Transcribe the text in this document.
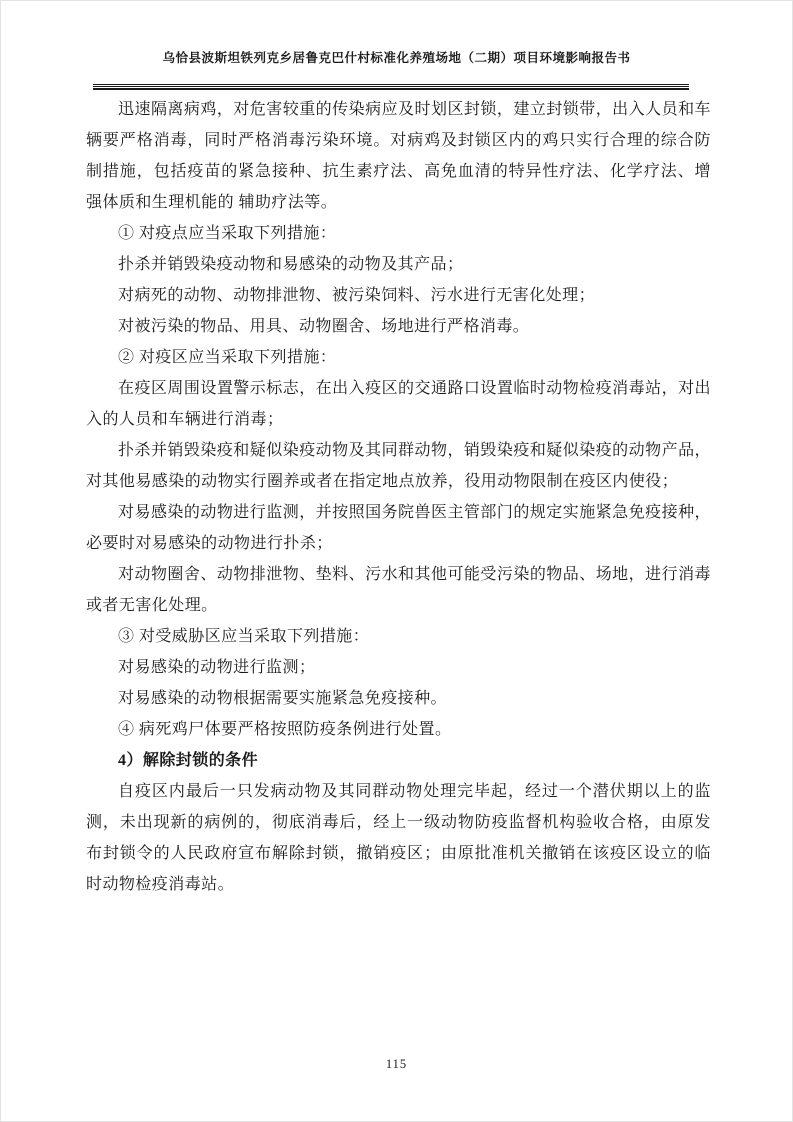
乌恰县波斯坦铁列克乡居鲁克巴什村标准化养殖场地（二期）项目环境影响报告书

迅速隔离病鸡，对危害较重的传染病应及时划区封锁，建立封锁带，出入人员和车辆要严格消毒，同时严格消毒污染环境。对病鸡及封锁区内的鸡只实行合理的综合防制措施，包括疫苗的紧急接种、抗生素疗法、高免血清的特异性疗法、化学疗法、增强体质和生理机能的 辅助疗法等。

① 对疫点应当采取下列措施：

扑杀并销毁染疫动物和易感染的动物及其产品；

对病死的动物、动物排泄物、被污染饲料、污水进行无害化处理；

对被污染的物品、用具、动物圈舍、场地进行严格消毒。

② 对疫区应当采取下列措施：

在疫区周围设置警示标志，在出入疫区的交通路口设置临时动物检疫消毒站，对出入的人员和车辆进行消毒；

扑杀并销毁染疫和疑似染疫动物及其同群动物，销毁染疫和疑似染疫的动物产品，对其他易感染的动物实行圈养或者在指定地点放养，役用动物限制在疫区内使役；

对易感染的动物进行监测，并按照国务院兽医主管部门的规定实施紧急免疫接种，必要时对易感染的动物进行扑杀；

对动物圈舍、动物排泄物、垫料、污水和其他可能受污染的物品、场地，进行消毒或者无害化处理。

③ 对受威胁区应当采取下列措施：

对易感染的动物进行监测；

对易感染的动物根据需要实施紧急免疫接种。

④ 病死鸡尸体要严格按照防疫条例进行处置。

4）解除封锁的条件

自疫区内最后一只发病动物及其同群动物处理完毕起，经过一个潜伏期以上的监测，未出现新的病例的，彻底消毒后，经上一级动物防疫监督机构验收合格，由原发布封锁令的人民政府宣布解除封锁，撤销疫区；由原批准机关撤销在该疫区设立的临时动物检疫消毒站。

115
